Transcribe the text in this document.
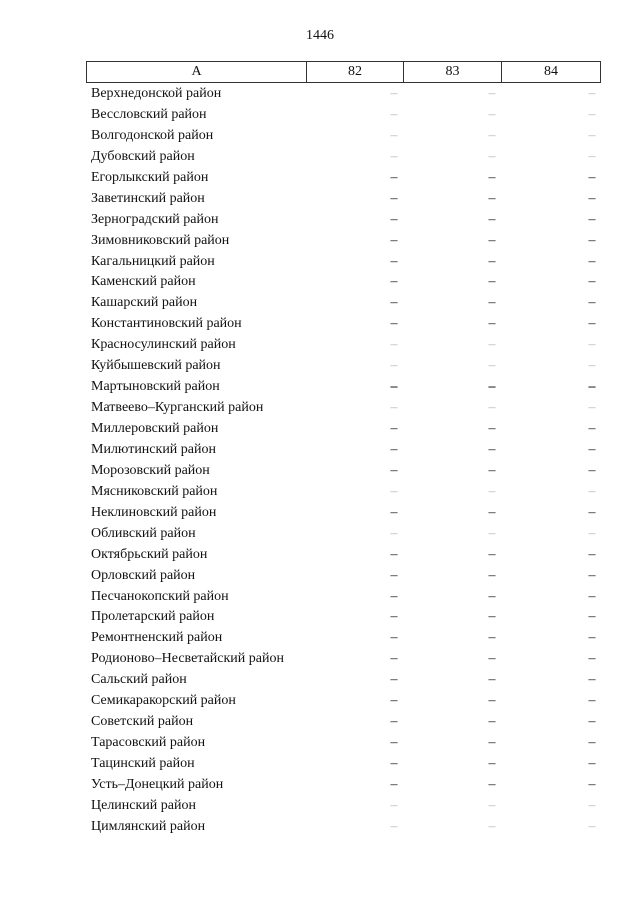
1446
А	82	83	84
Верхнедонской район	–	–	–
Вессловский район	–	–	–
Волгодонской район	–	–	–
Дубовский район	–	–	–
Егорлыкский район	–	–	–
Заветинский район	–	–	–
Зерноградский район	–	–	–
Зимовниковский район	–	–	–
Кагальницкий район	–	–	–
Каменский район	–	–	–
Кашарский район	–	–	–
Константиновский район	–	–	–
Красносулинский район	–	–	–
Куйбышевский район	–	–	–
Мартыновский район	–	–	–
Матвеево–Курганский район	–	–	–
Миллеровский район	–	–	–
Милютинский район	–	–	–
Морозовский район	–	–	–
Мясниковский район	–	–	–
Неклиновский район	–	–	–
Обливский район	–	–	–
Октябрьский район	–	–	–
Орловский район	–	–	–
Песчанокопский район	–	–	–
Пролетарский район	–	–	–
Ремонтненский район	–	–	–
Родионово–Несветайский район	–	–	–
Сальский район	–	–	–
Семикаракорский район	–	–	–
Советский район	–	–	–
Тарасовский район	–	–	–
Тацинский район	–	–	–
Усть–Донецкий район	–	–	–
Целинский район	–	–	–
Цимлянский район	–	–	–
